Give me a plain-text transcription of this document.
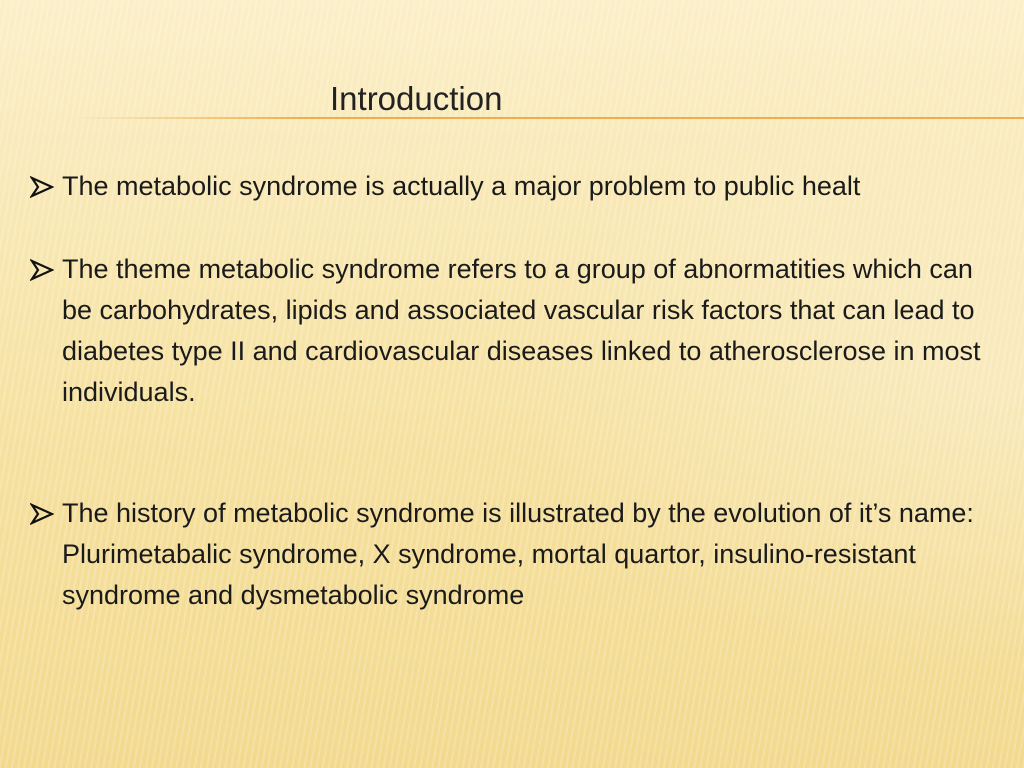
Introduction
The metabolic syndrome is actually a major problem to public healt
The theme metabolic syndrome refers to a group of abnormatities which can be carbohydrates, lipids and associated vascular risk factors that can lead to diabetes type II and cardiovascular diseases linked to atherosclerose in most individuals.
The history of metabolic syndrome is illustrated by the evolution of it’s name: Plurimetabalic syndrome, X syndrome, mortal quartor, insulino-resistant syndrome and dysmetabolic syndrome
